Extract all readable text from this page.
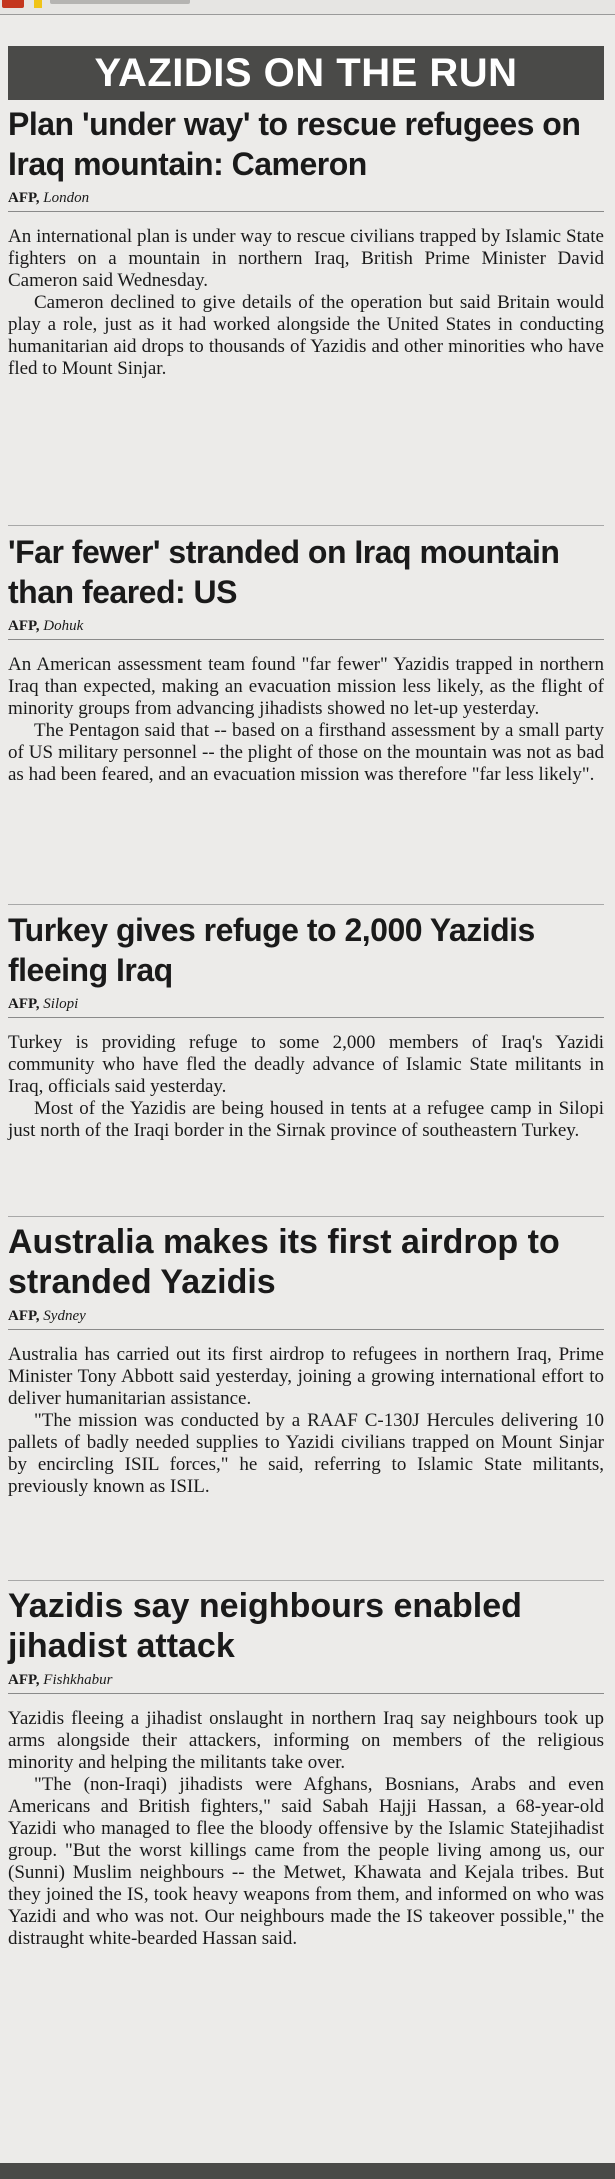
YAZIDIS ON THE RUN
Plan 'under way' to rescue refugees on Iraq mountain: Cameron
AFP, London

An international plan is under way to rescue civilians trapped by Islamic State fighters on a mountain in northern Iraq, British Prime Minister David Cameron said Wednesday.

Cameron declined to give details of the operation but said Britain would play a role, just as it had worked alongside the United States in conducting humanitarian aid drops to thousands of Yazidis and other minorities who have fled to Mount Sinjar.

'Far fewer' stranded on Iraq mountain than feared: US
AFP, Dohuk

An American assessment team found "far fewer" Yazidis trapped in northern Iraq than expected, making an evacuation mission less likely, as the flight of minority groups from advancing jihadists showed no let-up yesterday.

The Pentagon said that -- based on a firsthand assessment by a small party of US military personnel -- the plight of those on the mountain was not as bad as had been feared, and an evacuation mission was therefore "far less likely".

Turkey gives refuge to 2,000 Yazidis fleeing Iraq
AFP, Silopi

Turkey is providing refuge to some 2,000 members of Iraq's Yazidi community who have fled the deadly advance of Islamic State militants in Iraq, officials said yesterday.

Most of the Yazidis are being housed in tents at a refugee camp in Silopi just north of the Iraqi border in the Sirnak province of southeastern Turkey.

Australia makes its first airdrop to stranded Yazidis
AFP, Sydney

Australia has carried out its first airdrop to refugees in northern Iraq, Prime Minister Tony Abbott said yesterday, joining a growing international effort to deliver humanitarian assistance.

"The mission was conducted by a RAAF C-130J Hercules delivering 10 pallets of badly needed supplies to Yazidi civilians trapped on Mount Sinjar by encircling ISIL forces," he said, referring to Islamic State militants, previously known as ISIL.

Yazidis say neighbours enabled jihadist attack
AFP, Fishkhabur

Yazidis fleeing a jihadist onslaught in northern Iraq say neighbours took up arms alongside their attackers, informing on members of the religious minority and helping the militants take over.

"The (non-Iraqi) jihadists were Afghans, Bosnians, Arabs and even Americans and British fighters," said Sabah Hajji Hassan, a 68-year-old Yazidi who managed to flee the bloody offensive by the Islamic Statejihadist group. "But the worst killings came from the people living among us, our (Sunni) Muslim neighbours -- the Metwet, Khawata and Kejala tribes. But they joined the IS, took heavy weapons from them, and informed on who was Yazidi and who was not. Our neighbours made the IS takeover possible," the distraught white-bearded Hassan said.
